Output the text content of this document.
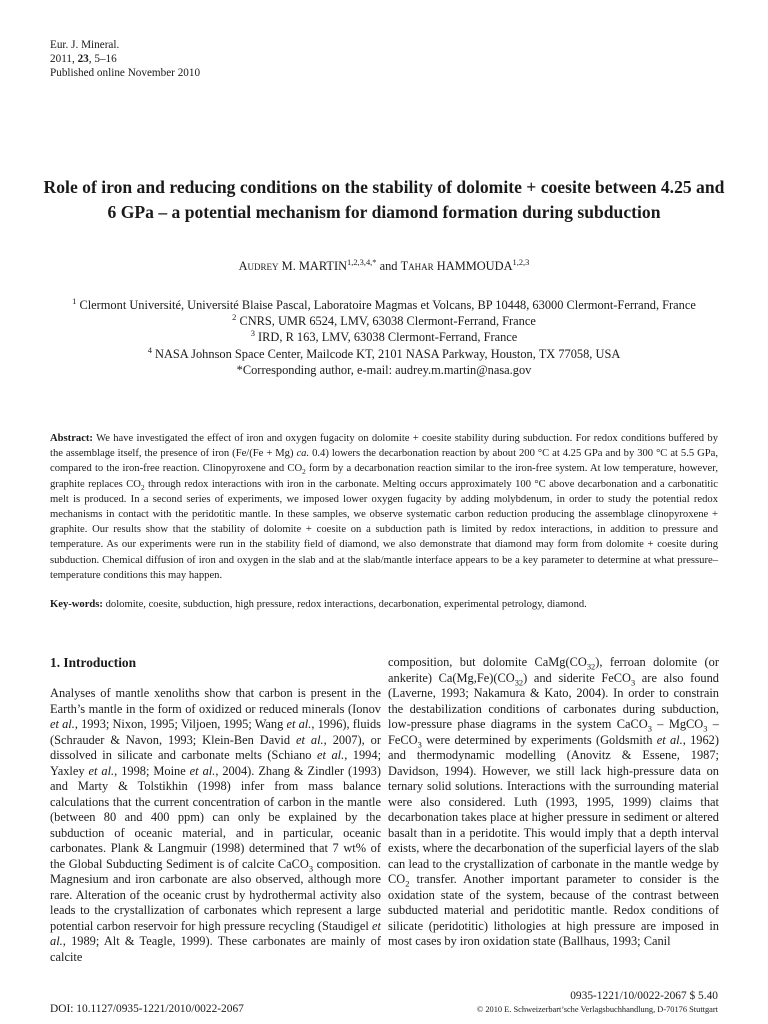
Eur. J. Mineral.
2011, 23, 5–16
Published online November 2010
Role of iron and reducing conditions on the stability of dolomite + coesite between 4.25 and 6 GPa – a potential mechanism for diamond formation during subduction
Audrey M. $MARTIN^{1,2,3,4,*}$ and Tahar HAMMOUDA$^{1,2,3}$
$^1$ Clermont Université, Université Blaise Pascal, Laboratoire Magmas et Volcans, BP 10448, 63000 Clermont-Ferrand, France
$^2$ CNRS, UMR 6524, LMV, 63038 Clermont-Ferrand, France
$^3$ IRD, R 163, LMV, 63038 Clermont-Ferrand, France
$^4$ NASA Johnson Space Center, Mailcode KT, 2101 NASA Parkway, Houston, TX 77058, USA
*Corresponding author, e-mail: audrey.m.martin@nasa.gov
Abstract: We have investigated the effect of iron and oxygen fugacity on dolomite + coesite stability during subduction. For redox conditions buffered by the assemblage itself, the presence of iron (Fe/(Fe + Mg) ca. 0.4) lowers the decarbonation reaction by about 200 °C at 4.25 GPa and by 300 °C at 5.5 GPa, compared to the iron-free reaction. Clinopyroxene and $CO_2$ form by a decarbonation reaction similar to the iron-free system. At low temperature, however, graphite replaces $CO_2$ through redox interactions with iron in the carbonate. Melting occurs approximately 100 °C above decarbonation and a carbonatitic melt is produced. In a second series of experiments, we imposed lower oxygen fugacity by adding molybdenum, in order to study the potential redox mechanisms in contact with the peridotitic mantle. In these samples, we observe systematic carbon reduction producing the assemblage clinopyroxene + graphite. Our results show that the stability of dolomite + coesite on a subduction path is limited by redox interactions, in addition to pressure and temperature. As our experiments were run in the stability field of diamond, we also demonstrate that diamond may form from dolomite + coesite during subduction. Chemical diffusion of iron and oxygen in the slab and at the slab/mantle interface appears to be a key parameter to determine at what pressure–temperature conditions this may happen.
Key-words: dolomite, coesite, subduction, high pressure, redox interactions, decarbonation, experimental petrology, diamond.
1. Introduction

Analyses of mantle xenoliths show that carbon is present in the Earth’s mantle in the form of oxidized or reduced minerals (Ionov et al., 1993; Nixon, 1995; Viljoen, 1995; Wang et al., 1996), fluids (Schrauder & Navon, 1993; Klein-Ben David et al., 2007), or dissolved in silicate and carbonate melts (Schiano et al., 1994; Yaxley et al., 1998; Moine et al., 2004). Zhang & Zindler (1993) and Marty & Tolstikhin (1998) infer from mass balance calculations that the current concentration of carbon in the mantle (between 80 and 400 ppm) can only be explained by the subduction of oceanic material, and in particular, oceanic carbonates. Plank & Langmuir (1998) determined that 7 wt% of the Global Subducting Sediment is of calcite CaCO$_3$ composition. Magnesium and iron carbonate are also observed, although more rare. Alteration of the oceanic crust by hydrothermal activity also leads to the crystallization of carbonates which represent a large potential carbon reservoir for high pressure recycling (Staudigel et al., 1989; Alt & Teagle, 1999). These carbonates are mainly of calcite

composition, but dolomite $CaMg(CO_{32})$, ferroan dolomite (or ankerite) $Ca(Mg,Fe)(CO_{32})$ and siderite FeCO$_3$ are also found (Laverne, 1993; Nakamura & Kato, 2004). In order to constrain the destabilization conditions of carbonates during subduction, low-pressure phase diagrams in the system CaCO$_3$ – MgCO$_3$ – FeCO$_3$ were determined by experiments (Goldsmith et al., 1962) and thermodynamic modelling (Anovitz & Essene, 1987; Davidson, 1994). However, we still lack high-pressure data on ternary solid solutions. Interactions with the surrounding material were also considered. Luth (1993, 1995, 1999) claims that decarbonation takes place at higher pressure in sediment or altered basalt than in a peridotite. This would imply that a depth interval exists, where the decarbonation of the superficial layers of the slab can lead to the crystallization of carbonate in the mantle wedge by $CO_2$ transfer. Another important parameter to consider is the oxidation state of the system, because of the contrast between subducted material and peridotitic mantle. Redox conditions of silicate (peridotitic) lithologies at high pressure are imposed in most cases by iron oxidation state (Ballhaus, 1993; Canil

DOI: 10.1127/0935-1221/2010/0022-2067
0935-1221/10/0022-2067 $ 5.40
© 2010 E. Schweizerbart’sche Verlagsbuchhandlung, D-70176 Stuttgart
